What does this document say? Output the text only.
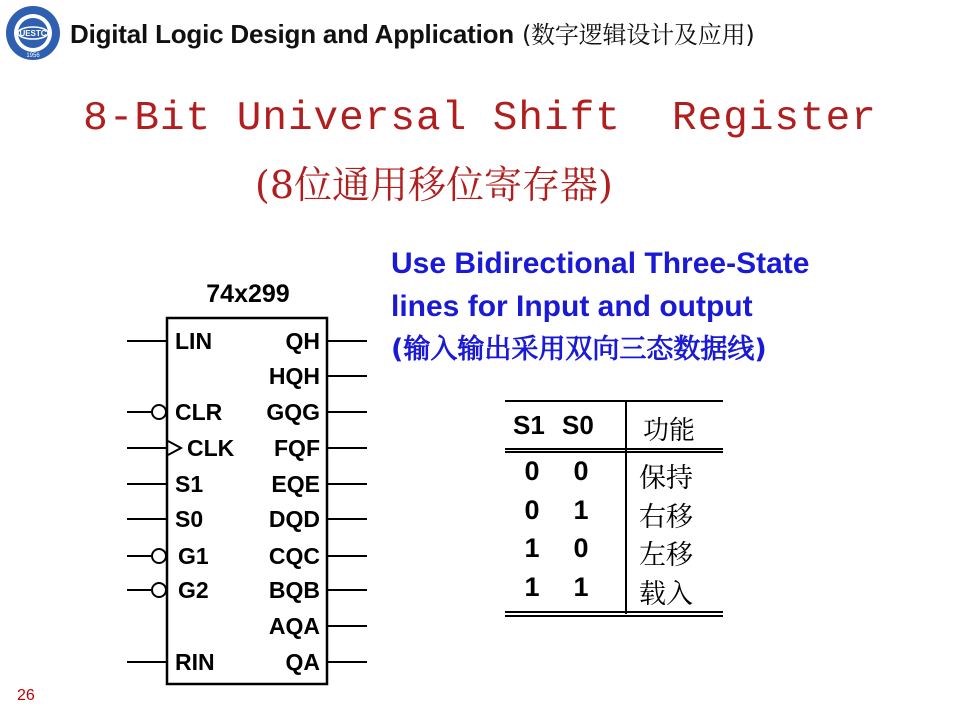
UESTC
1956
Digital Logic Design and Application (数字逻辑设计及应用)
8-Bit Universal Shift  Register
(8位通用移位寄存器)
74x299
LIN
CLR
CLK
S1
S0
G1
G2
RIN
QH
HQH
GQG
FQF
EQE
DQD
CQC
BQB
AQA
QA
Use Bidirectional Three-State
lines for Input and output
(输入输出采用双向三态数据线)
S1 S0 功能
0 0 保持
0 1 右移
1 0 左移
1 1 载入
26
